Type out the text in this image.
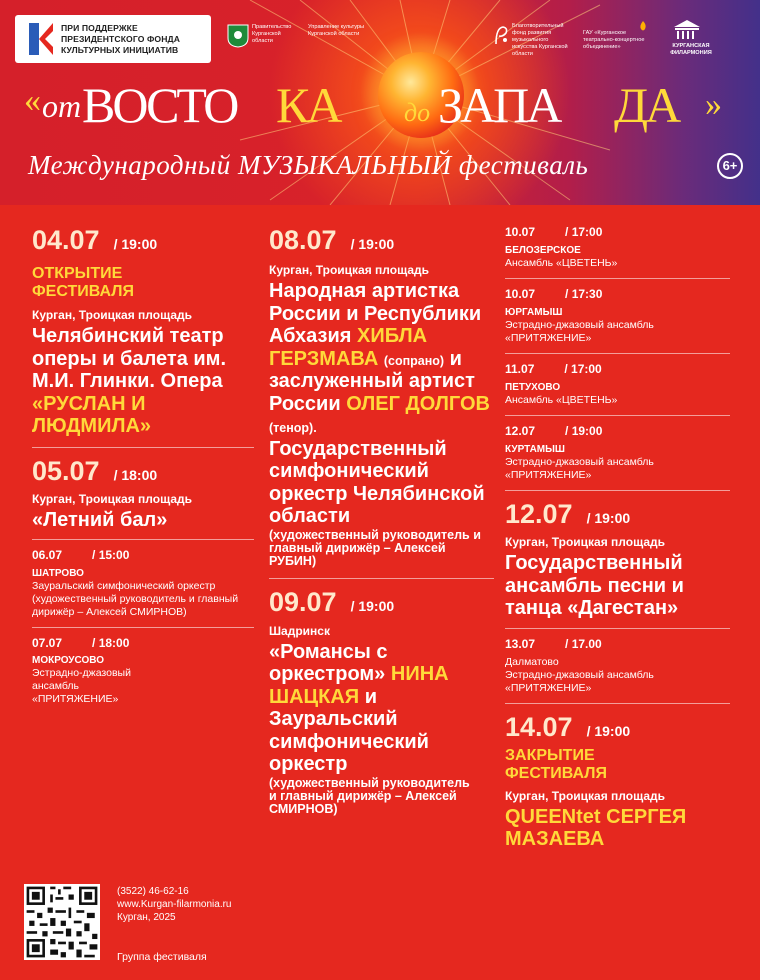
ПРИ ПОДДЕРЖКЕ ПРЕЗИДЕНТСКОГО ФОНДА КУЛЬТУРНЫХ ИНИЦИАТИВ
Правительство Курганской области
Управление культуры Курганской области
Благотворительный фонд развития музыкального искусства Курганской области
ГАУ «Курганское театрально-концертное объединение»	КУРГАНСКАЯ ФИЛАРМОНИЯ
« от ВОСТО КА до ЗАПА ДА »
Международный МУЗЫКАЛЬНЫЙ фестиваль	6+
04.07 / 19:00
ОТКРЫТИЕ ФЕСТИВАЛЯ
Курган, Троицкая площадь
Челябинский театр оперы и балета им. М.И. Глинки. Опера «РУСЛАН И ЛЮДМИЛА»
05.07 / 18:00
Курган, Троицкая площадь
«Летний бал»
06.07	/ 15:00
ШАТРОВО
Зауральский симфонический оркестр (художественный руководитель и главный дирижёр – Алексей СМИРНОВ)
07.07	/ 18:00
МОКРОУСОВО
Эстрадно-джазовый ансамбль «ПРИТЯЖЕНИЕ»
08.07 / 19:00
Курган, Троицкая площадь
Народная артистка России и Республики Абхазия ХИБЛА ГЕРЗМАВА (сопрано) и заслуженный артист России ОЛЕГ ДОЛГОВ (тенор). Государственный симфонический оркестр Челябинской области
(художественный руководитель и главный дирижёр – Алексей РУБИН)
09.07 / 19:00
Шадринск
«Романсы с оркестром» НИНА ШАЦКАЯ и Зауральский симфонический оркестр
(художественный руководитель
и главный дирижёр – Алексей СМИРНОВ)
10.07	/ 17:00
БЕЛОЗЕРСКОЕ
Ансамбль «ЦВЕТЕНЬ»
10.07	/ 17:30
ЮРГАМЫШ
Эстрадно-джазовый ансамбль «ПРИТЯЖЕНИЕ»
11.07	/ 17:00
ПЕТУХОВО
Ансамбль «ЦВЕТЕНЬ»
12.07	/ 19:00
КУРТАМЫШ
Эстрадно-джазовый ансамбль «ПРИТЯЖЕНИЕ»
12.07 / 19:00
Курган, Троицкая площадь
Государственный ансамбль песни и танца «Дагестан»
13.07	/ 17.00
Далматово
Эстрадно-джазовый ансамбль «ПРИТЯЖЕНИЕ»
14.07 / 19:00
ЗАКРЫТИЕ ФЕСТИВАЛЯ
Курган, Троицкая площадь
QUEENtet СЕРГЕЯ МАЗАЕВА
(3522) 46-62-16
www.Kurgan-filarmonia.ru
Курган, 2025
Группа фестиваля
